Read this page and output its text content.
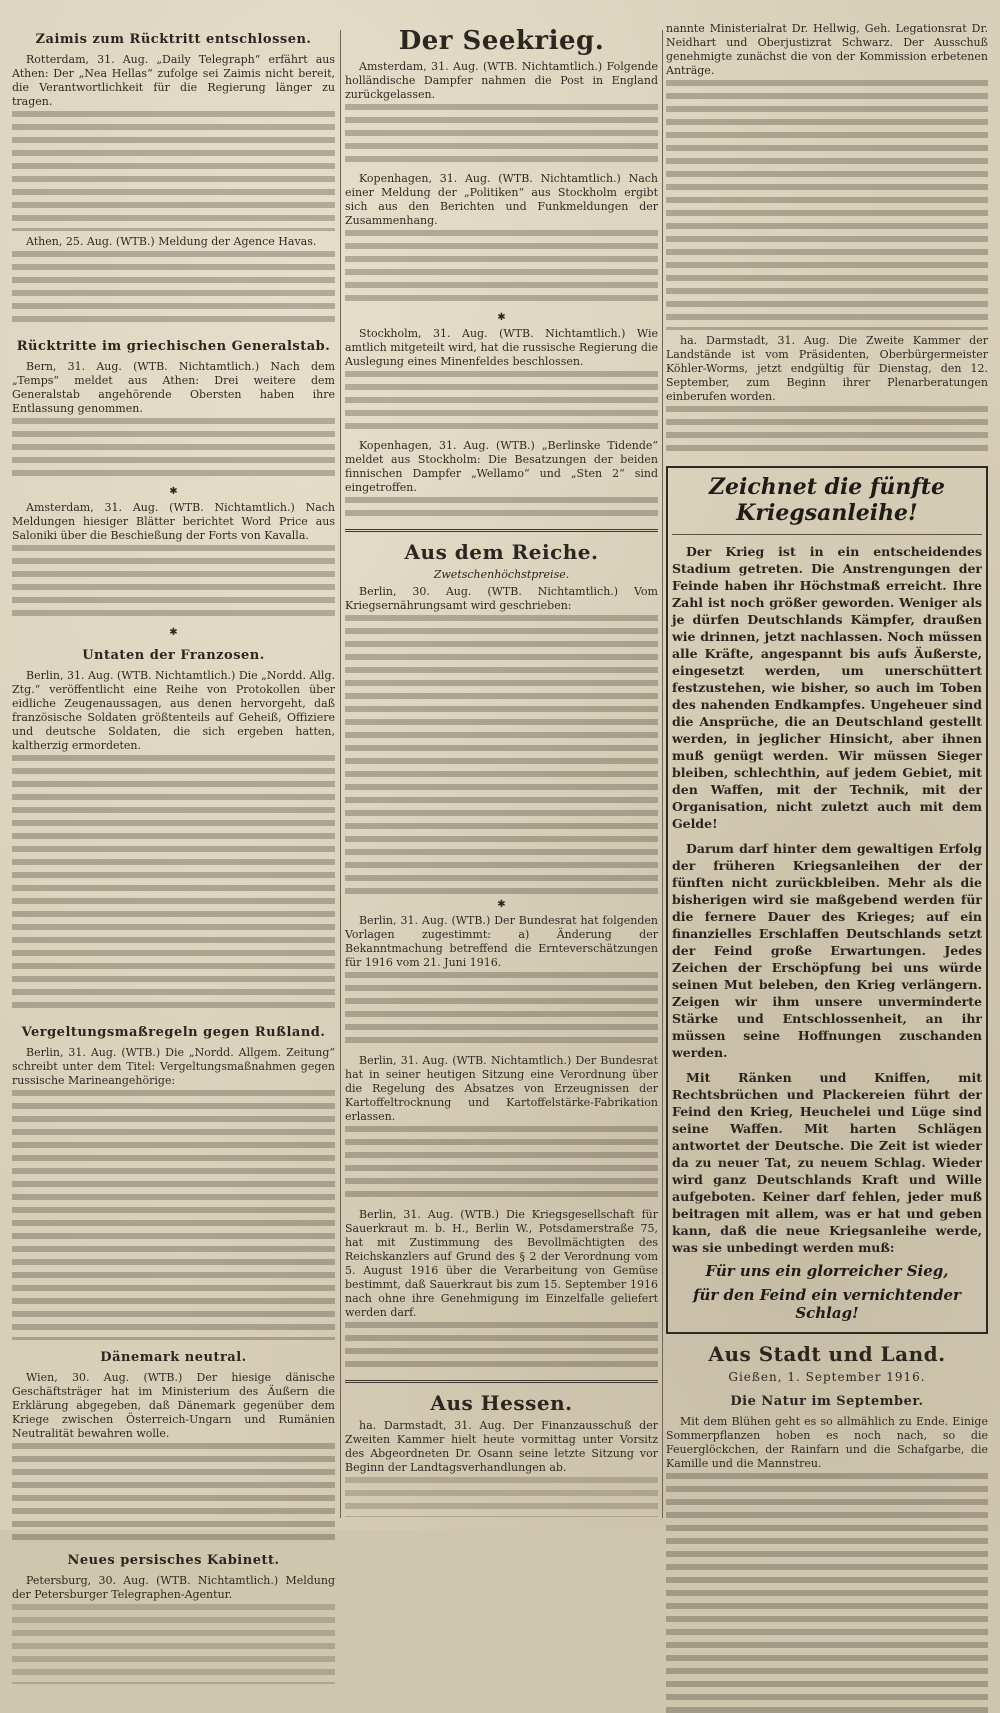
Zaimis zum Rücktritt entschlossen.

Rotterdam, 31. Aug. „Daily Telegraph“ erfährt aus Athen: Der „Nea Hellas“ zufolge sei Zaimis nicht bereit, die Verantwortlichkeit für die Regierung länger zu tragen.

Athen, 25. Aug. (WTB.) Meldung der Agence Havas.

Rücktritte im griechischen Generalstab.

Bern, 31. Aug. (WTB. Nichtamtlich.) Nach dem „Temps“ meldet aus Athen: Drei weitere dem Generalstab angehörende Obersten haben ihre Entlassung genommen.

✱

Amsterdam, 31. Aug. (WTB. Nichtamtlich.) Nach Meldungen hiesiger Blätter berichtet Word Price aus Saloniki über die Beschießung der Forts von Kavalla.

✱
Untaten der Franzosen.

Berlin, 31. Aug. (WTB. Nichtamtlich.) Die „Nordd. Allg. Ztg.“ veröffentlicht eine Reihe von Protokollen über eidliche Zeugenaussagen, aus denen hervorgeht, daß französische Soldaten größtenteils auf Geheiß, Offiziere und deutsche Soldaten, die sich ergeben hatten, kaltherzig ermordeten.

Vergeltungsmaßregeln gegen Rußland.

Berlin, 31. Aug. (WTB.) Die „Nordd. Allgem. Zeitung“ schreibt unter dem Titel: Vergeltungsmaßnahmen gegen russische Marineangehörige:

Dänemark neutral.

Wien, 30. Aug. (WTB.) Der hiesige dänische Geschäftsträger hat im Ministerium des Äußern die Erklärung abgegeben, daß Dänemark gegenüber dem Kriege zwischen Österreich-Ungarn und Rumänien Neutralität bewahren wolle.

Neues persisches Kabinett.

Petersburg, 30. Aug. (WTB. Nichtamtlich.) Meldung der Petersburger Telegraphen-Agentur.

Der Seekrieg.

Amsterdam, 31. Aug. (WTB. Nichtamtlich.) Folgende holländische Dampfer nahmen die Post in England zurückgelassen.

Kopenhagen, 31. Aug. (WTB. Nichtamtlich.) Nach einer Meldung der „Politiken“ aus Stockholm ergibt sich aus den Berichten und Funkmeldungen der Zusammenhang.

✱

Stockholm, 31. Aug. (WTB. Nichtamtlich.) Wie amtlich mitgeteilt wird, hat die russische Regierung die Auslegung eines Minenfeldes beschlossen.

Kopenhagen, 31. Aug. (WTB.) „Berlinske Tidende“ meldet aus Stockholm: Die Besatzungen der beiden finnischen Dampfer „Wellamo“ und „Sten 2“ sind eingetroffen.

Aus dem Reiche.
Zwetschenhöchstpreise.

Berlin, 30. Aug. (WTB. Nichtamtlich.) Vom Kriegsernährungsamt wird geschrieben:

✱

Berlin, 31. Aug. (WTB.) Der Bundesrat hat folgenden Vorlagen zugestimmt: a) Änderung der Bekanntmachung betreffend die Ernteverschätzungen für 1916 vom 21. Juni 1916.

Berlin, 31. Aug. (WTB. Nichtamtlich.) Der Bundesrat hat in seiner heutigen Sitzung eine Verordnung über die Regelung des Absatzes von Erzeugnissen der Kartoffeltrocknung und Kartoffelstärke-Fabrikation erlassen.

Berlin, 31. Aug. (WTB.) Die Kriegsgesellschaft für Sauerkraut m. b. H., Berlin W., Potsdamerstraße 75, hat mit Zustimmung des Bevollmächtigten des Reichskanzlers auf Grund des § 2 der Verordnung vom 5. August 1916 über die Verarbeitung von Gemüse bestimmt, daß Sauerkraut bis zum 15. September 1916 nach ohne ihre Genehmigung im Einzelfalle geliefert werden darf.

Aus Hessen.

ha. Darmstadt, 31. Aug. Der Finanzausschuß der Zweiten Kammer hielt heute vormittag unter Vorsitz des Abgeordneten Dr. Osann seine letzte Sitzung vor Beginn der Landtagsverhandlungen ab.

nannte Ministerialrat Dr. Hellwig, Geh. Legationsrat Dr. Neidhart und Oberjustizrat Schwarz. Der Ausschuß genehmigte zunächst die von der Kommission erbetenen Anträge.

ha. Darmstadt, 31. Aug. Die Zweite Kammer der Landstände ist vom Präsidenten, Oberbürgermeister Köhler-Worms, jetzt endgültig für Dienstag, den 12. September, zum Beginn ihrer Plenarberatungen einberufen worden.

Zeichnet die fünfte Kriegsanleihe!

Der Krieg ist in ein entscheidendes Stadium getreten. Die Anstrengungen der Feinde haben ihr Höchstmaß erreicht. Ihre Zahl ist noch größer geworden. Weniger als je dürfen Deutschlands Kämpfer, draußen wie drinnen, jetzt nachlassen. Noch müssen alle Kräfte, angespannt bis aufs Äußerste, eingesetzt werden, um unerschüttert festzustehen, wie bisher, so auch im Toben des nahenden Endkampfes. Ungeheuer sind die Ansprüche, die an Deutschland gestellt werden, in jeglicher Hinsicht, aber ihnen muß genügt werden. Wir müssen Sieger bleiben, schlechthin, auf jedem Gebiet, mit den Waffen, mit der Technik, mit der Organisation, nicht zuletzt auch mit dem Gelde!

Darum darf hinter dem gewaltigen Erfolg der früheren Kriegsanleihen der der fünften nicht zurückbleiben. Mehr als die bisherigen wird sie maßgebend werden für die fernere Dauer des Krieges; auf ein finanzielles Erschlaffen Deutschlands setzt der Feind große Erwartungen. Jedes Zeichen der Erschöpfung bei uns würde seinen Mut beleben, den Krieg verlängern. Zeigen wir ihm unsere unverminderte Stärke und Entschlossenheit, an ihr müssen seine Hoffnungen zuschanden werden.

Mit Ränken und Kniffen, mit Rechtsbrüchen und Plackereien führt der Feind den Krieg, Heuchelei und Lüge sind seine Waffen. Mit harten Schlägen antwortet der Deutsche. Die Zeit ist wieder da zu neuer Tat, zu neuem Schlag. Wieder wird ganz Deutschlands Kraft und Wille aufgeboten. Keiner darf fehlen, jeder muß beitragen mit allem, was er hat und geben kann, daß die neue Kriegsanleihe werde, was sie unbedingt werden muß:

Für uns ein glorreicher Sieg,
für den Feind ein vernichtender Schlag!
Aus Stadt und Land.
Gießen, 1. September 1916.
Die Natur im September.

Mit dem Blühen geht es so allmählich zu Ende. Einige Sommerpflanzen hoben es noch nach, so die Feuerglöckchen, der Rainfarn und die Schafgarbe, die Kamille und die Mannstreu.
